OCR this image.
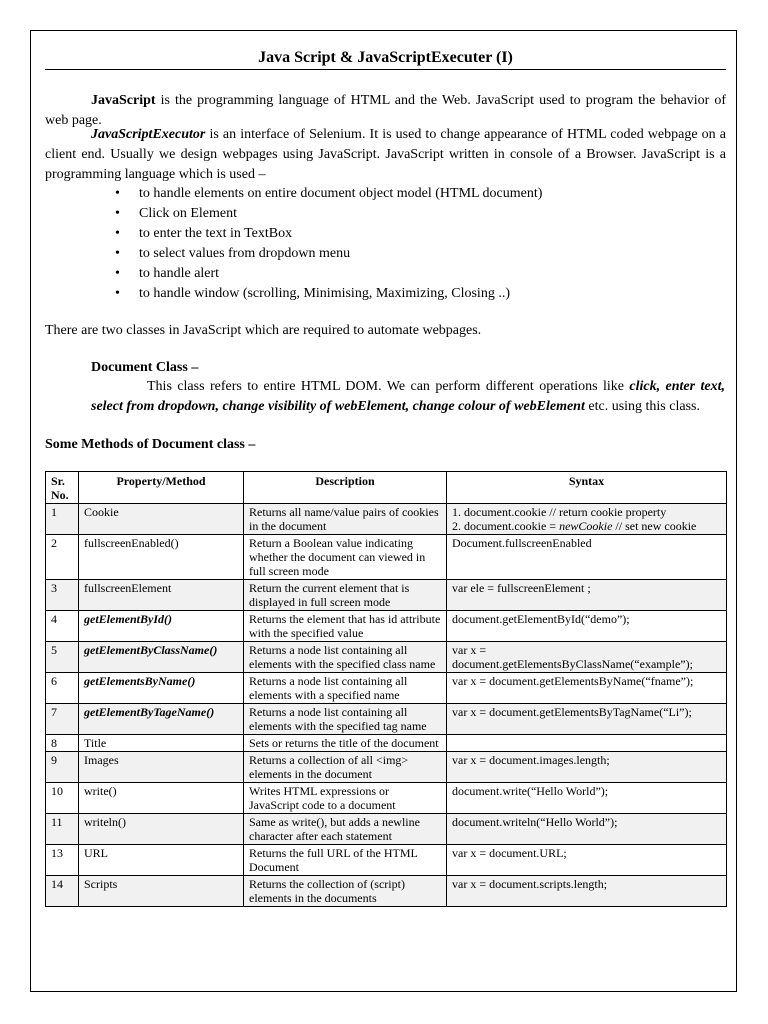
Java Script & JavaScriptExecuter (I)
JavaScript is the programming language of HTML and the Web. JavaScript used to program the behavior of web page.
JavaScriptExecutor is an interface of Selenium. It is used to change appearance of HTML coded webpage on a client end. Usually we design webpages using JavaScript. JavaScript written in console of a Browser. JavaScript is a programming language which is used –
• to handle elements on entire document object model (HTML document)
• Click on Element
• to enter the text in TextBox
• to select values from dropdown menu
• to handle alert
• to handle window (scrolling, Minimising, Maximizing, Closing ..)
There are two classes in JavaScript which are required to automate webpages.
Document Class –
This class refers to entire HTML DOM. We can perform different operations like click, enter text, select from dropdown, change visibility of webElement, change colour of webElement etc. using this class.
Some Methods of Document class –
Sr. No.	Property/Method	Description	Syntax
1	Cookie	Returns all name/value pairs of cookies in the document	1. document.cookie // return cookie property
2. document.cookie = newCookie // set new cookie

2	fullscreenEnabled()	Return a Boolean value indicating whether the document can viewed in full screen mode	Document.fullscreenEnabled
3	fullscreenElement	Return the current element that is displayed in full screen mode	var ele = fullscreenElement ;
4	getElementById()	Returns the element that has id attribute with the specified value	document.getElementById(“demo”);
5	getElementByClassName()	Returns a node list containing all elements with the specified class name	var x = document.getElementsByClassName(“example”);
6	getElementsByName()	Returns a node list containing all elements with a specified name	var x = document.getElementsByName(“fname”);
7	getElementByTageName()	Returns a node list containing all elements with the specified tag name	var x = document.getElementsByTagName(“Li”);
8	Title	Sets or returns the title of the document	
9	Images	Returns a collection of all <img> elements in the document	var x = document.images.length;
10	write()	Writes HTML expressions or JavaScript code to a document	document.write(“Hello World”);
11	writeln()	Same as write(), but adds a newline character after each statement	document.writeln(“Hello World”);
13	URL	Returns the full URL of the HTML Document	var x = document.URL;
14	Scripts	Returns the collection of (script) elements in the documents	var x = document.scripts.length;
